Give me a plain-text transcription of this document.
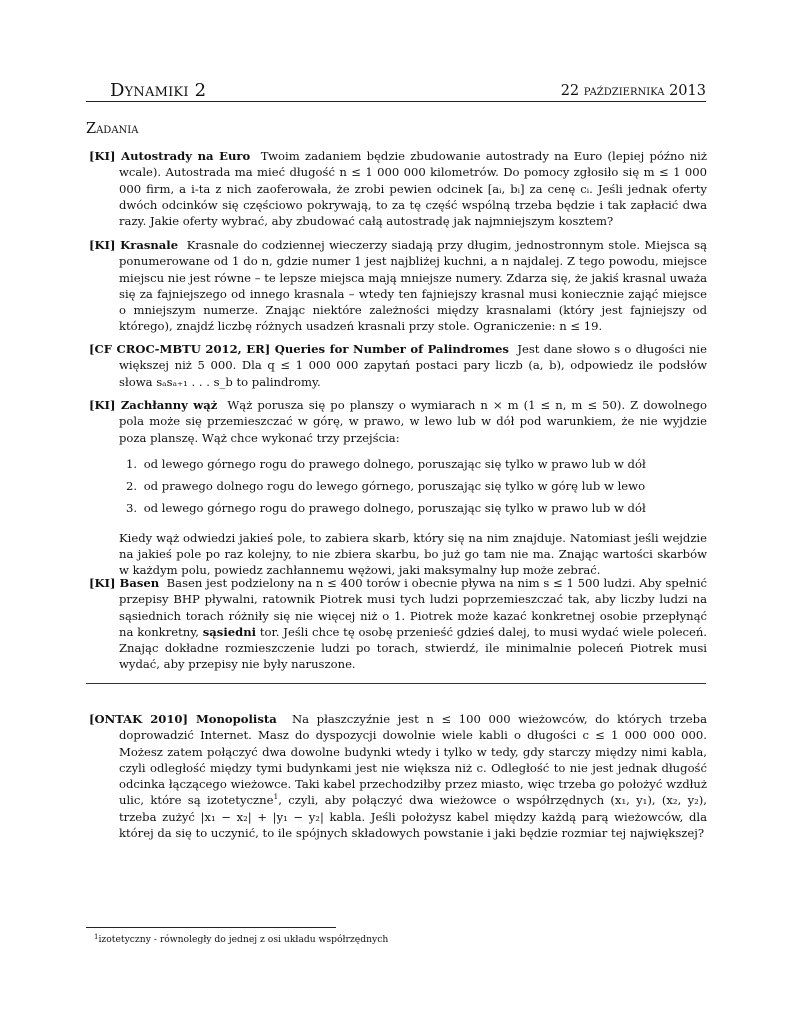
Dynamiki 2	22 października 2013
Zadania

[KI] Autostrady na Euro Twoim zadaniem będzie zbudowanie autostrady na Euro (lepiej późno niż wcale). Autostrada ma mieć długość n ≤ 1 000 000 kilometrów. Do pomocy zgłosiło się m ≤ 1 000 000 firm, a i-ta z nich zaoferowała, że zrobi pewien odcinek [aᵢ, bᵢ] za cenę cᵢ. Jeśli jednak oferty dwóch odcinków się częściowo pokrywają, to za tę część wspólną trzeba będzie i tak zapłacić dwa razy. Jakie oferty wybrać, aby zbudować całą autostradę jak najmniejszym kosztem?

[KI] Krasnale Krasnale do codziennej wieczerzy siadają przy długim, jednostronnym stole. Miejsca są ponumerowane od 1 do n, gdzie numer 1 jest najbliżej kuchni, a n najdalej. Z tego powodu, miejsce miejscu nie jest równe – te lepsze miejsca mają mniejsze numery. Zdarza się, że jakiś krasnal uważa się za fajniejszego od innego krasnala – wtedy ten fajniejszy krasnal musi koniecznie zająć miejsce o mniejszym numerze. Znając niektóre zależności między krasnalami (który jest fajniejszy od którego), znajdź liczbę różnych usadzeń krasnali przy stole. Ograniczenie: n ≤ 19.

[CF CROC-MBTU 2012, ER] Queries for Number of Palindromes Jest dane słowo s o długości nie większej niż 5 000. Dla q ≤ 1 000 000 zapytań postaci pary liczb (a, b), odpowiedz ile podsłów słowa sₐsₐ₊₁ . . . s_b to palindromy.

[KI] Zachłanny wąż Wąż porusza się po planszy o wymiarach n × m (1 ≤ n, m ≤ 50). Z dowolnego pola może się przemieszczać w górę, w prawo, w lewo lub w dół pod warunkiem, że nie wyjdzie poza planszę. Wąż chce wykonać trzy przejścia:

1. od lewego górnego rogu do prawego dolnego, poruszając się tylko w prawo lub w dół
2. od prawego dolnego rogu do lewego górnego, poruszając się tylko w górę lub w lewo
3. od lewego górnego rogu do prawego dolnego, poruszając się tylko w prawo lub w dół

Kiedy wąż odwiedzi jakieś pole, to zabiera skarb, który się na nim znajduje. Natomiast jeśli wejdzie na jakieś pole po raz kolejny, to nie zbiera skarbu, bo już go tam nie ma. Znając wartości skarbów w każdym polu, powiedz zachłannemu wężowi, jaki maksymalny łup może zebrać.

[KI] Basen Basen jest podzielony na n ≤ 400 torów i obecnie pływa na nim s ≤ 1 500 ludzi. Aby spełnić przepisy BHP pływalni, ratownik Piotrek musi tych ludzi poprzemieszczać tak, aby liczby ludzi na sąsiednich torach różniły się nie więcej niż o 1. Piotrek może kazać konkretnej osobie przepłynąć na konkretny, sąsiedni tor. Jeśli chce tę osobę przenieść gdzieś dalej, to musi wydać wiele poleceń. Znając dokładne rozmieszczenie ludzi po torach, stwierdź, ile minimalnie poleceń Piotrek musi wydać, aby przepisy nie były naruszone.

[ONTAK 2010] Monopolista Na płaszczyźnie jest n ≤ 100 000 wieżowców, do których trzeba doprowadzić Internet. Masz do dyspozycji dowolnie wiele kabli o długości c ≤ 1 000 000 000. Możesz zatem połączyć dwa dowolne budynki wtedy i tylko w tedy, gdy starczy między nimi kabla, czyli odległość między tymi budynkami jest nie większa niż c. Odległość to nie jest jednak długość odcinka łączącego wieżowce. Taki kabel przechodziłby przez miasto, więc trzeba go położyć wzdłuż ulic, które są izotetyczne$^1$, czyli, aby połączyć dwa wieżowce o współrzędnych (x₁, y₁), (x₂, y₂), trzeba zużyć |x₁ − x₂| + |y₁ − y₂| kabla. Jeśli położysz kabel między każdą parą wieżowców, dla której da się to uczynić, to ile spójnych składowych powstanie i jaki będzie rozmiar tej największej?

$^1$izotetyczny - równoległy do jednej z osi układu współrzędnych
